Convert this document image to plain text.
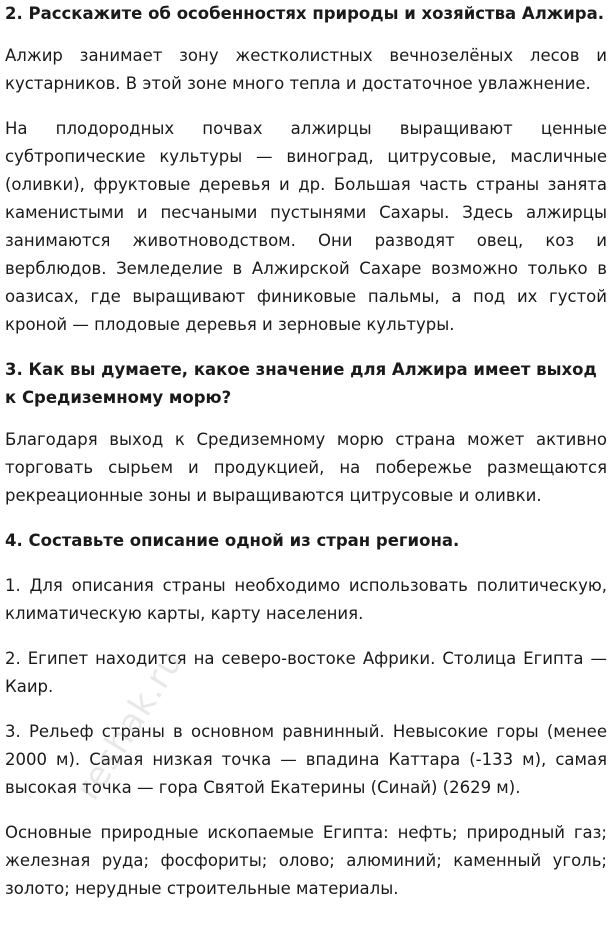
2. Расскажите об особенностях природы и хозяйства Алжира.

Алжир занимает зону жестколистных вечнозелёных лесов и кустарников. В этой зоне много тепла и достаточное увлажнение.

На плодородных почвах алжирцы выращивают ценные субтропические культуры — виноград, цитрусовые, масличные (оливки), фруктовые деревья и др. Большая часть страны занята каменистыми и песчаными пустынями Сахары. Здесь алжирцы занимаются животноводством. Они разводят овец, коз и верблюдов. Земледелие в Алжирской Сахаре возможно только в оазисах, где выращивают финиковые пальмы, а под их густой кроной — плодовые деревья и зерновые культуры.

3. Как вы думаете, какое значение для Алжира имеет выход к Средиземному морю?

Благодаря выход к Средиземному морю страна может активно торговать сырьем и продукцией, на побережье размещаются рекреационные зоны и выращиваются цитрусовые и оливки.

4. Составьте описание одной из стран региона.

1. Для описания страны необходимо использовать политическую, климатическую карты, карту населения.

2. Египет находится на северо-востоке Африки. Столица Египта — Каир.

3. Рельеф страны в основном равнинный. Невысокие горы (менее 2000 м). Самая низкая точка — впадина Каттара (-133 м), самая высокая точка — гора Святой Екатерины (Синай) (2629 м).

Основные природные ископаемые Египта: нефть; природный газ; железная руда; фосфориты; олово; алюминий; каменный уголь; золото; нерудные строительные материалы.

reshak.ru
